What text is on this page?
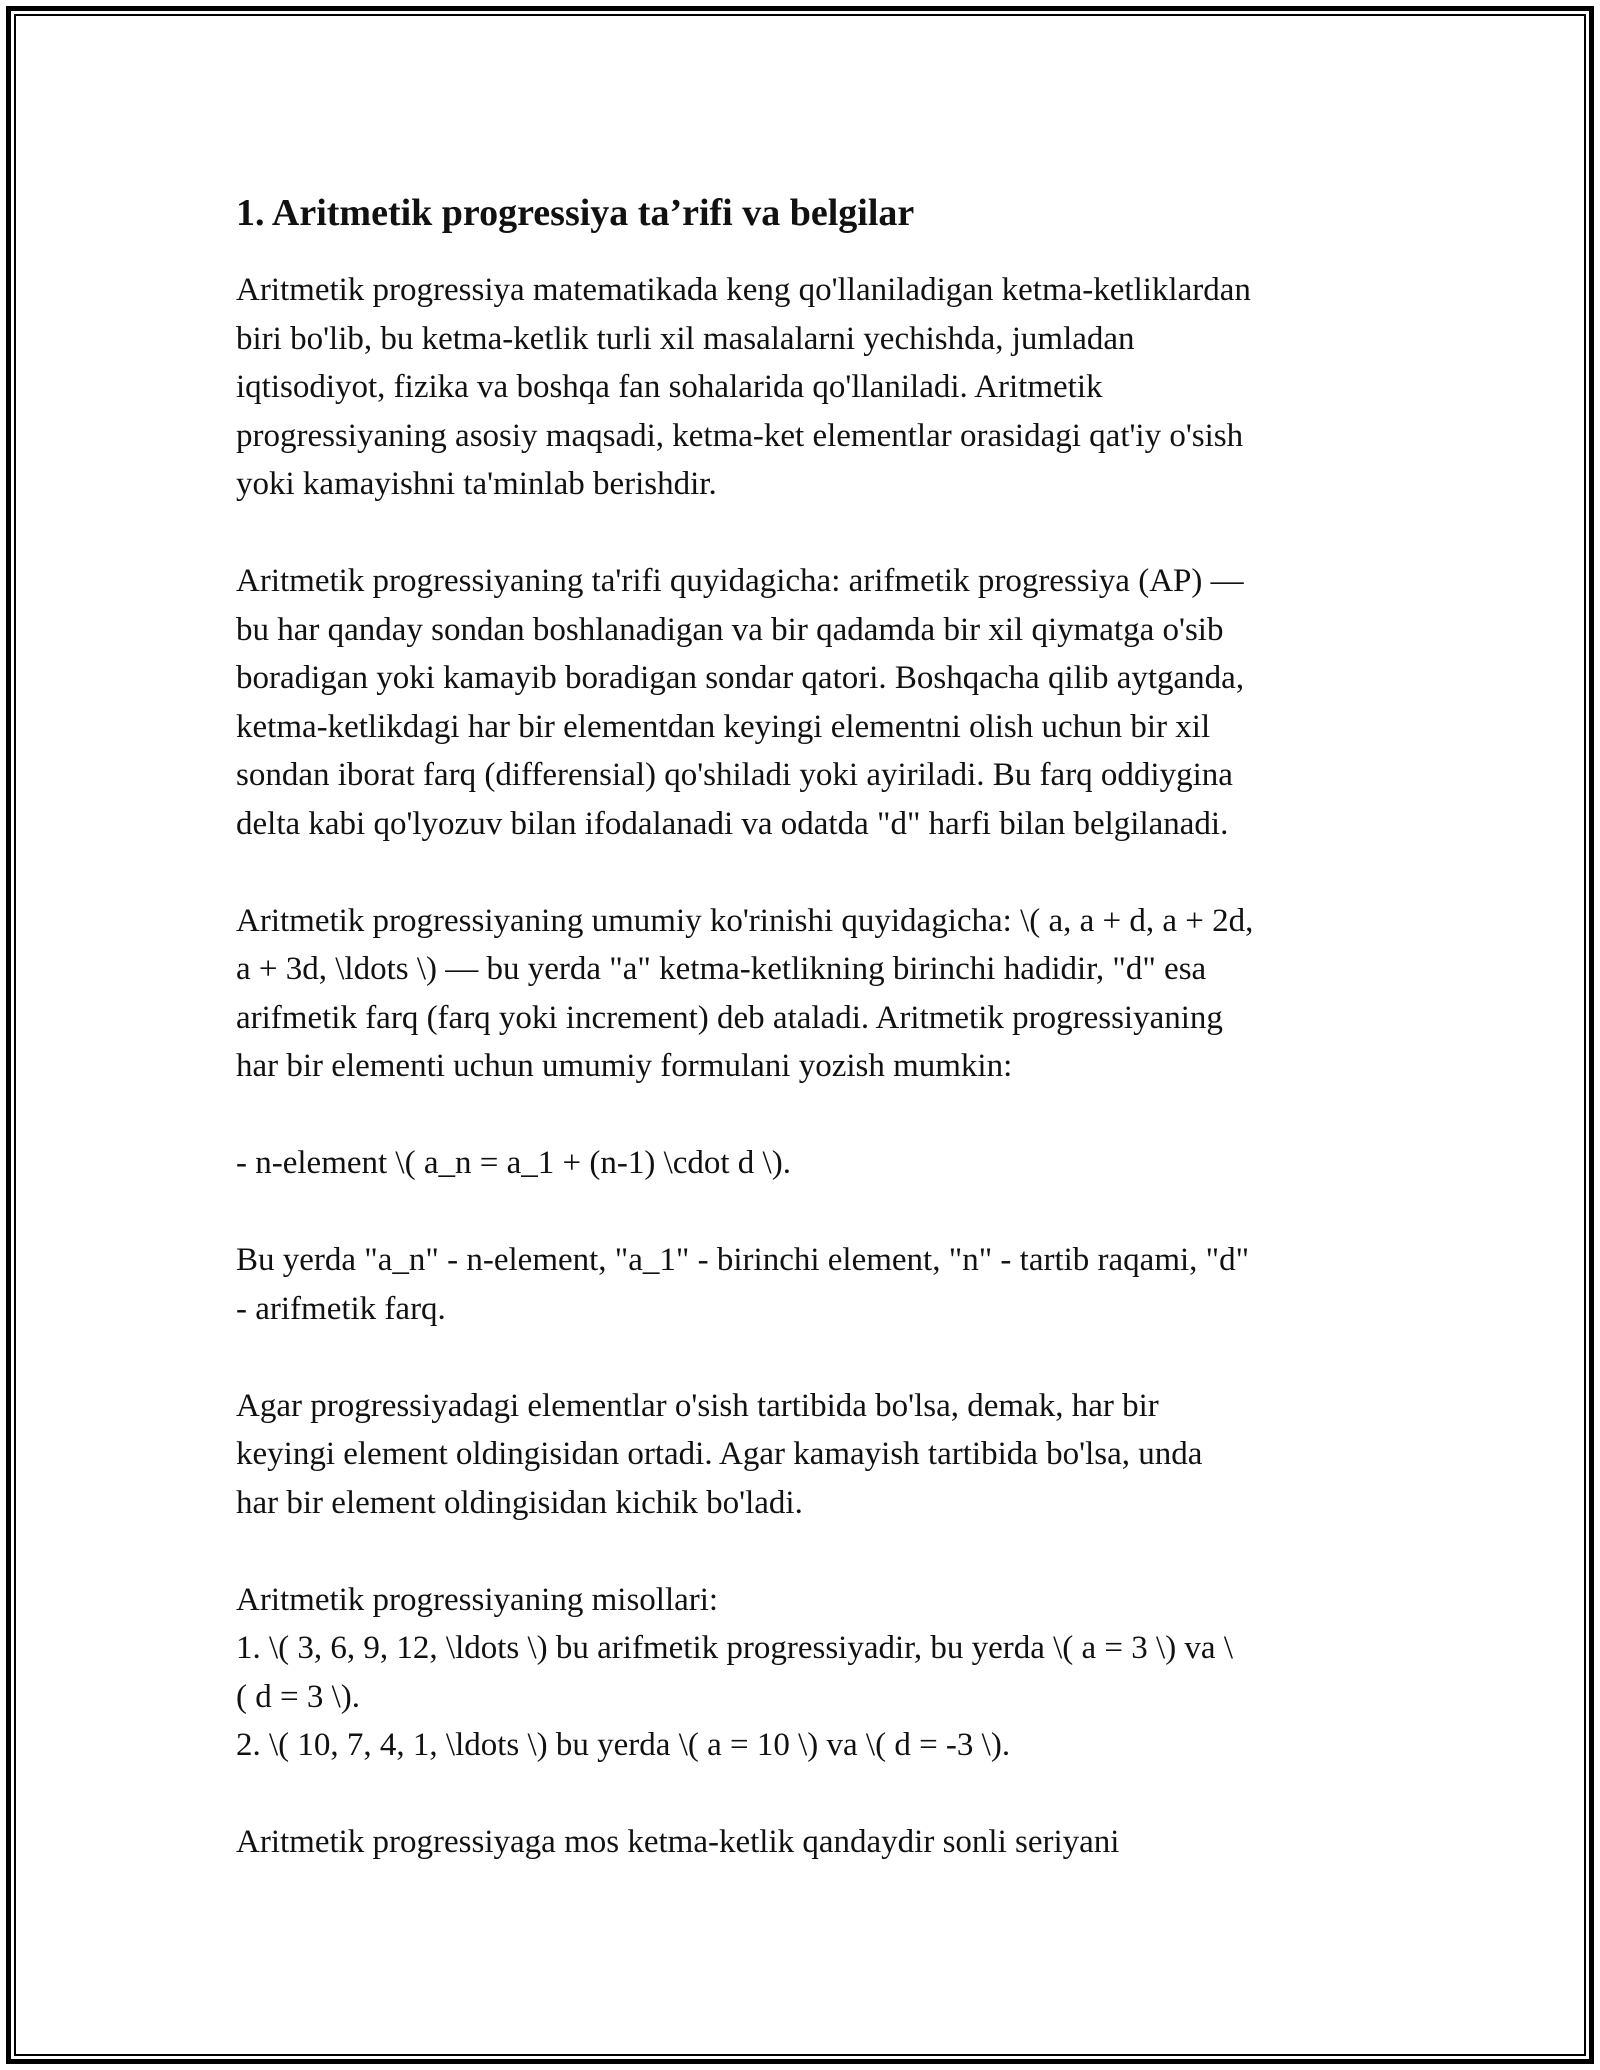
1. Aritmetik progressiya ta’rifi va belgilar
Aritmetik progressiya matematikada keng qo'llaniladigan ketma-ketliklardan
biri bo'lib, bu ketma-ketlik turli xil masalalarni yechishda, jumladan
iqtisodiyot, fizika va boshqa fan sohalarida qo'llaniladi. Aritmetik
progressiyaning asosiy maqsadi, ketma-ket elementlar orasidagi qat'iy o'sish
yoki kamayishni ta'minlab berishdir.
Aritmetik progressiyaning ta'rifi quyidagicha: arifmetik progressiya (AP) —
bu har qanday sondan boshlanadigan va bir qadamda bir xil qiymatga o'sib
boradigan yoki kamayib boradigan sondar qatori. Boshqacha qilib aytganda,
ketma-ketlikdagi har bir elementdan keyingi elementni olish uchun bir xil
sondan iborat farq (differensial) qo'shiladi yoki ayiriladi. Bu farq oddiygina
delta kabi qo'lyozuv bilan ifodalanadi va odatda "d" harfi bilan belgilanadi.
Aritmetik progressiyaning umumiy ko'rinishi quyidagicha: \( a, a + d, a + 2d,
a + 3d, \ldots \) — bu yerda "a" ketma-ketlikning birinchi hadidir, "d" esa
arifmetik farq (farq yoki increment) deb ataladi. Aritmetik progressiyaning
har bir elementi uchun umumiy formulani yozish mumkin:
- n-element \( a_n = a_1 + (n-1) \cdot d \).
Bu yerda "a_n" - n-element, "a_1" - birinchi element, "n" - tartib raqami, "d"
- arifmetik farq.
Agar progressiyadagi elementlar o'sish tartibida bo'lsa, demak, har bir
keyingi element oldingisidan ortadi. Agar kamayish tartibida bo'lsa, unda
har bir element oldingisidan kichik bo'ladi.
Aritmetik progressiyaning misollari:
1. \( 3, 6, 9, 12, \ldots \) bu arifmetik progressiyadir, bu yerda \( a = 3 \) va \
( d = 3 \).
2. \( 10, 7, 4, 1, \ldots \) bu yerda \( a = 10 \) va \( d = -3 \).
Aritmetik progressiyaga mos ketma-ketlik qandaydir sonli seriyani
